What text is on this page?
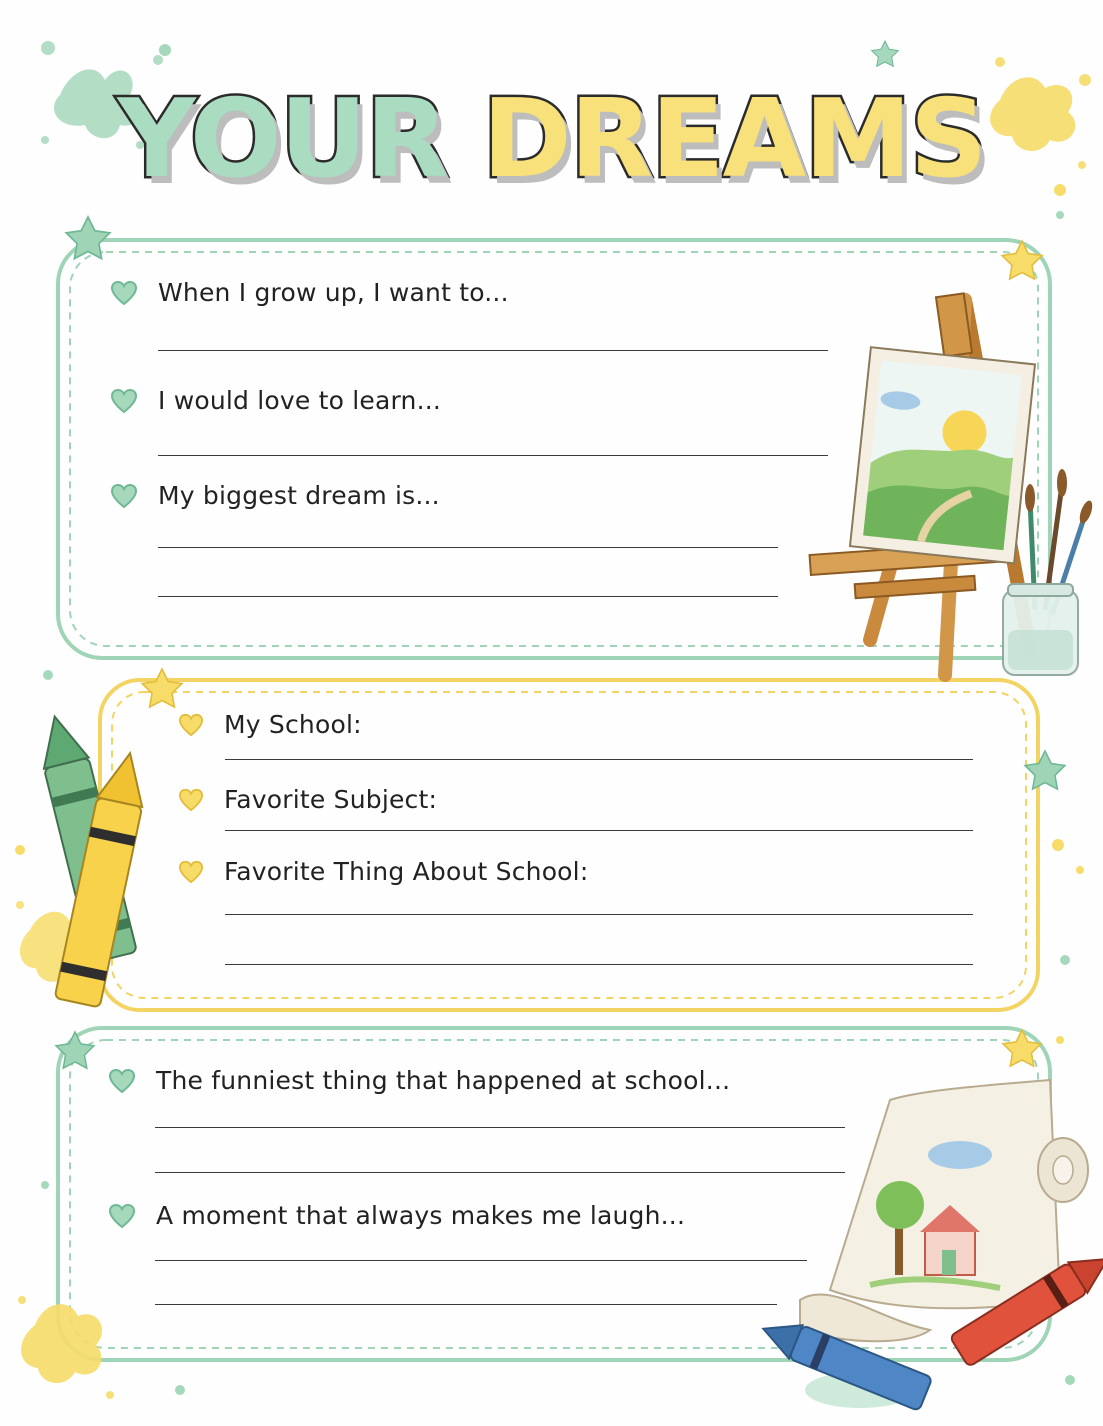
YOUR DREAMS
When I grow up, I want to...
I would love to learn...
My biggest dream is...
My School:
Favorite Subject:
Favorite Thing About School:
The funniest thing that happened at school...
A moment that always makes me laugh...
